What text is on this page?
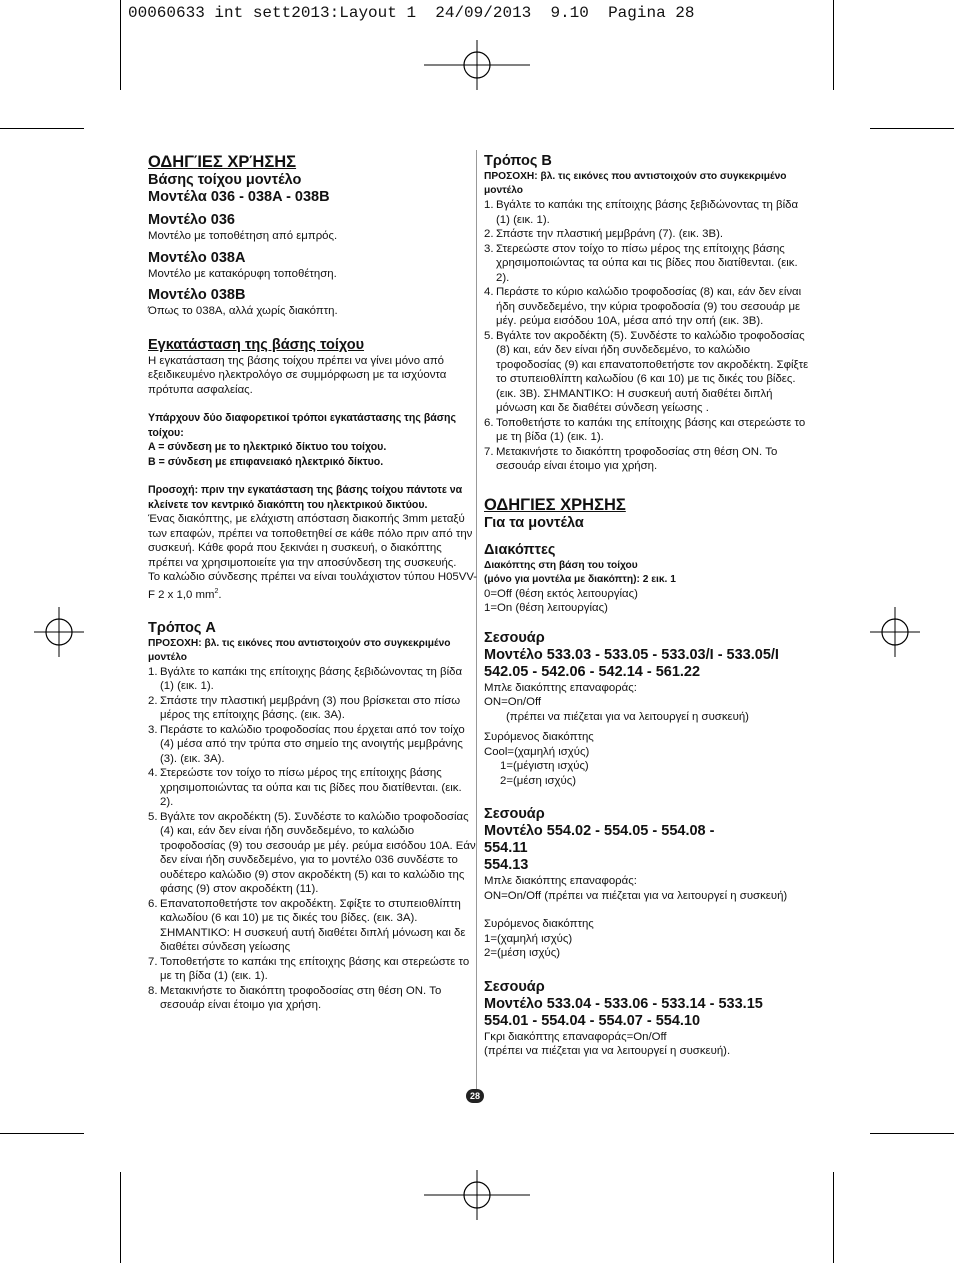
00060633 int sett2013:Layout 1  24/09/2013  9.10  Pagina 28
ΟΔΗΓΊΕΣ ΧΡΉΣΗΣ
Βάσης τοίχου μοντέλο
Μοντέλα 036 - 038A - 038B
Μοντέλο 036

Μοντέλο με τοποθέτηση από εμπρός.

Μοντέλο 038A

Μοντέλο με κατακόρυφη τοποθέτηση.

Μοντέλο 038B

Όπως το 038A, αλλά χωρίς διακόπτη.

Εγκατάσταση της βάσης τοίχου

Η εγκατάσταση της βάσης τοίχου πρέπει να γίνει μόνο από εξειδικευμένο ηλεκτρολόγο σε συμμόρφωση με τα ισχύοντα πρότυπα ασφαλείας.

Υπάρχουν δύο διαφορετικοί τρόποι εγκατάστασης της βάσης τοίχου:

A = σύνδεση με το ηλεκτρικό δίκτυο του τοίχου.

B = σύνδεση με επιφανειακό ηλεκτρικό δίκτυο.

Προσοχή: πριν την εγκατάσταση της βάσης τοίχου πάντοτε να κλείνετε τον κεντρικό διακόπτη του ηλεκτρικού δικτύου.

Ένας διακόπτης, με ελάχιστη απόσταση διακοπής 3mm μεταξύ των επαφών, πρέπει να τοποθετηθεί σε κάθε πόλο πριν από την συσκευή. Κάθε φορά που ξεκινάει η συσκευή, ο διακόπτης πρέπει να χρησιμοποιείτε για την αποσύνδεση της συσκευής.

Το καλώδιο σύνδεσης πρέπει να είναι τουλάχιστον τύπου H05VV-F 2 x 1,0 $mm^2$.

Τρόπος A

ΠΡΟΣΟΧΗ: βλ. τις εικόνες που αντιστοιχούν στο συγκεκριμένο μοντέλο

1. Βγάλτε το καπάκι της επίτοιχης βάσης ξεβιδώνοντας τη βίδα (1) (εικ. 1).
2. Σπάστε την πλαστική μεμβράνη (3) που βρίσκεται στο πίσω μέρος της επίτοιχης βάσης. (εικ. 3A).
3. Περάστε το καλώδιο τροφοδοσίας που έρχεται από τον τοίχο (4) μέσα από την τρύπα στο σημείο της ανοιγτής μεμβράνης (3). (εικ. 3A).
4. Στερεώστε τον τοίχο το πίσω μέρος της επίτοιχης βάσης χρησιμοποιώντας τα ούπα και τις βίδες που διατίθενται. (εικ. 2).
5. Βγάλτε τον ακροδέκτη (5). Συνδέστε το καλώδιο τροφοδοσίας (4) και, εάν δεν είναι ήδη συνδεδεμένο, το καλώδιο τροφοδοσίας (9) του σεσουάρ με μέγ. ρεύμα εισόδου 10A. Εάν δεν είναι ήδη συνδεδεμένο, για το μοντέλο 036 συνδέστε το ουδέτερο καλώδιο (9) στον ακροδέκτη (5) και το καλώδιο της φάσης (9) στον ακροδέκτη (11).
6. Επανατοποθετήστε τον ακροδέκτη. Σφίξτε το στυπειοθλίπτη καλωδίου (6 και 10) με τις δικές του βίδες. (εικ. 3A). ΣΗΜΑΝΤΙΚΟ: Η συσκευή αυτή διαθέτει διπλή μόνωση και δε διαθέτει σύνδεση γείωσης
7. Τοποθετήστε το καπάκι της επίτοιχης βάσης και στερεώστε το με τη βίδα (1) (εικ. 1).
8. Μετακινήστε το διακόπτη τροφοδοσίας στη θέση ON. Το σεσουάρ είναι έτοιμο για χρήση.
Τρόπος B

ΠΡΟΣΟΧΗ: βλ. τις εικόνες που αντιστοιχούν στο συγκεκριμένο μοντέλο

1. Βγάλτε το καπάκι της επίτοιχης βάσης ξεβιδώνοντας τη βίδα (1) (εικ. 1).
2. Σπάστε την πλαστική μεμβράνη (7). (εικ. 3B).
3. Στερεώστε στον τοίχο το πίσω μέρος της επίτοιχης βάσης χρησιμοποιώντας τα ούπα και τις βίδες που διατίθενται. (εικ. 2).
4. Περάστε το κύριο καλώδιο τροφοδοσίας (8) και, εάν δεν είναι ήδη συνδεδεμένο, την κύρια τροφοδοσία (9) του σεσουάρ με μέγ. ρεύμα εισόδου 10A, μέσα από την οπή (εικ. 3B).
5. Βγάλτε τον ακροδέκτη (5). Συνδέστε το καλώδιο τροφοδοσίας (8) και, εάν δεν είναι ήδη συνδεδεμένο, το καλώδιο τροφοδοσίας (9) και επανατοποθετήστε τον ακροδέκτη. Σφίξτε το στυπειοθλίπτη καλωδίου (6 και 10) με τις δικές του βίδες. (εικ. 3B). ΣΗΜΑΝΤΙΚΟ: Η συσκευή αυτή διαθέτει διπλή μόνωση και δε διαθέτει σύνδεση γείωσης .
6. Τοποθετήστε το καπάκι της επίτοιχης βάσης και στερεώστε το με τη βίδα (1) (εικ. 1).
7. Μετακινήστε το διακόπτη τροφοδοσίας στη θέση ON. Το σεσουάρ είναι έτοιμο για χρήση.
ΟΔΗΓΙΕΣ ΧΡΗΣΗΣ
Για τα μοντέλα
Διακόπτες

Διακόπτης στη βάση του τοίχου

(μόνο για μοντέλα με διακόπτη): 2 εικ. 1

0=Off (θέση εκτός λειτουργίας)

1=On (θέση λειτουργίας)

Σεσουάρ
Μοντέλο 533.03 - 533.05 - 533.03/I - 533.05/I
542.05 - 542.06 - 542.14 - 561.22

Μπλε διακόπτης επαναφοράς:

ON=On/Off

(πρέπει να πιέζεται για να λειτουργεί η συσκευή)

Συρόμενος διακόπτης

Cool=(χαμηλή ισχύς)

1=(μέγιστη ισχύς)

2=(μέση ισχύς)

Σεσουάρ
Μοντέλο 554.02 - 554.05 - 554.08 -
554.11
554.13

Μπλε διακόπτης επαναφοράς:

ON=On/Off (πρέπει να πιέζεται για να λειτουργεί η συσκευή)

Συρόμενος διακόπτης

1=(χαμηλή ισχύς)

2=(μέση ισχύς)

Σεσουάρ
Μοντέλο 533.04 - 533.06 - 533.14 - 533.15
554.01 - 554.04 - 554.07 - 554.10

Γκρι διακόπτης επαναφοράς=On/Off

(πρέπει να πιέζεται για να λειτουργεί η συσκευή).

28
